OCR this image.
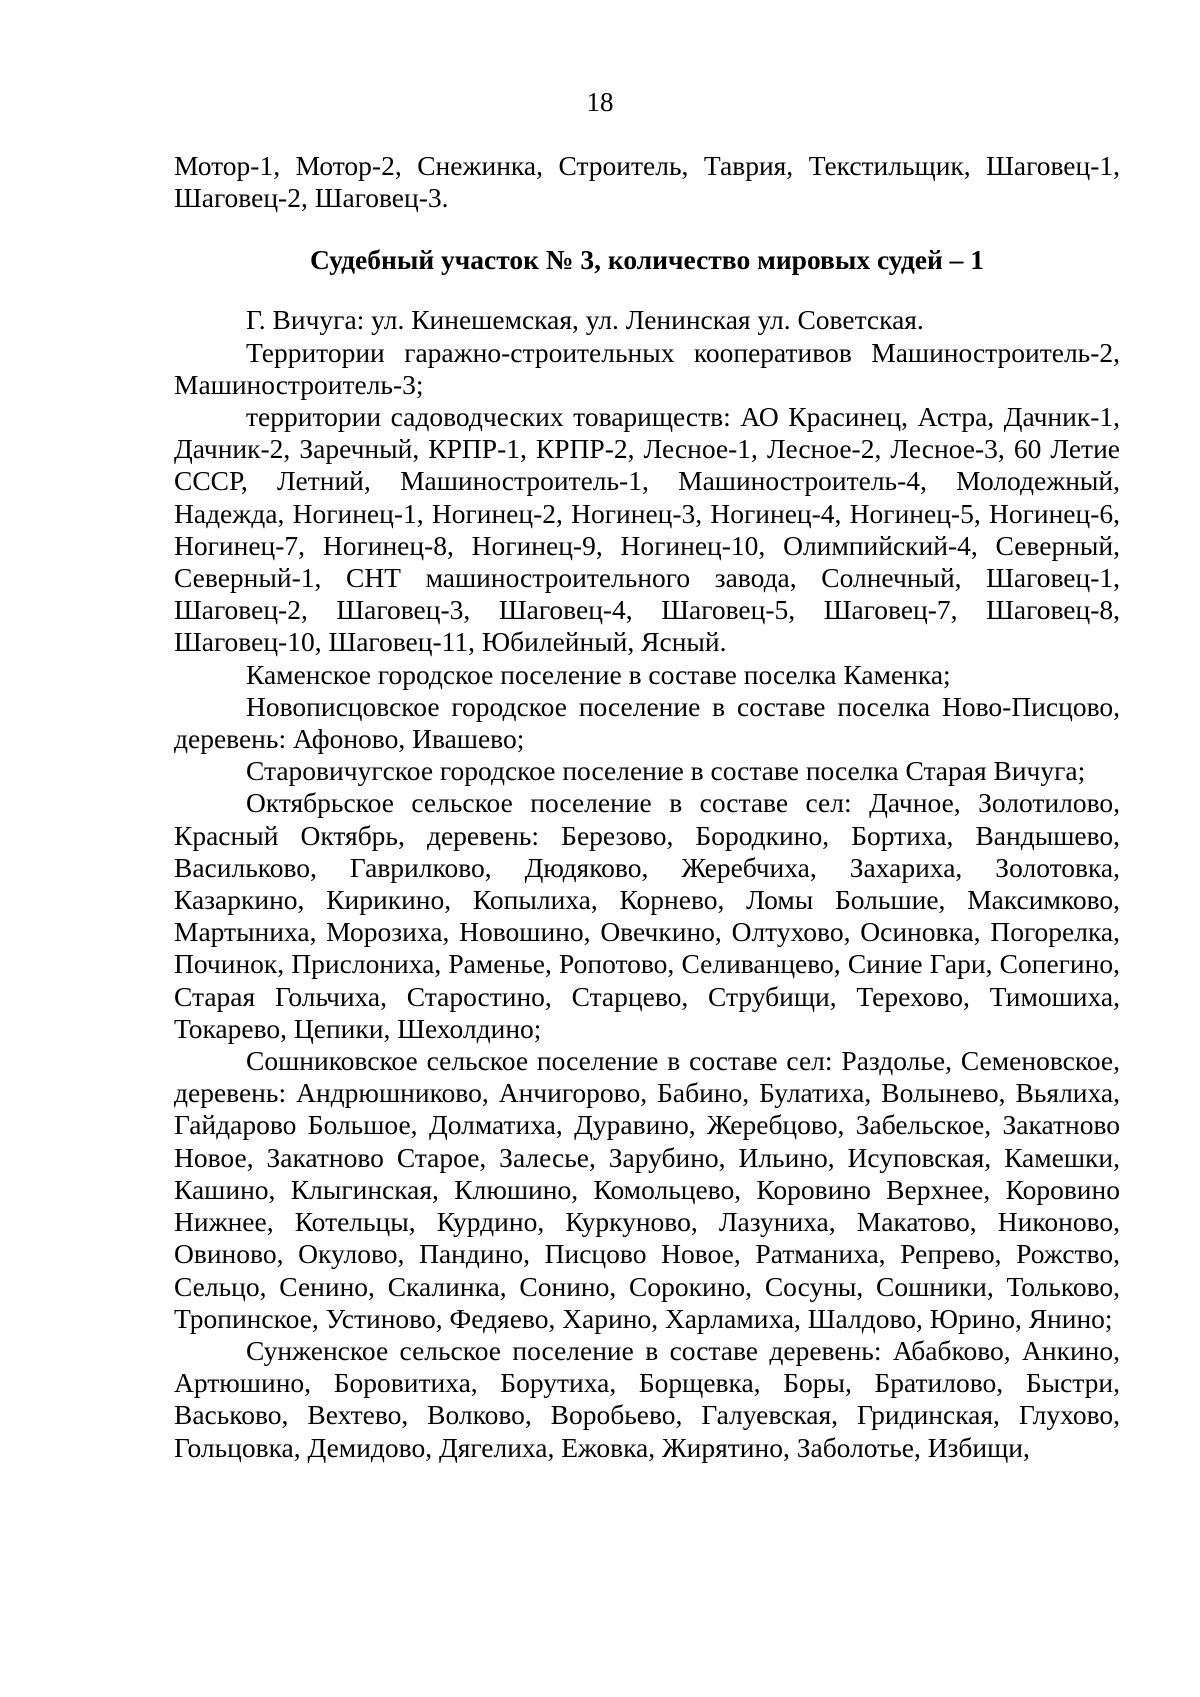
18

Мотор-1, Мотор-2, Снежинка, Строитель, Таврия, Текстильщик, Шаговец-1, Шаговец-2, Шаговец-3.

Судебный участок № 3, количество мировых судей – 1

Г. Вичуга: ул. Кинешемская, ул. Ленинская ул. Советская.

Территории гаражно-строительных кооперативов Машиностроитель-2, Машиностроитель-3;

территории садоводческих товариществ: АО Красинец, Астра, Дачник-1, Дачник-2, Заречный, КРПР-1, КРПР-2, Лесное-1, Лесное-2, Лесное-3, 60 Летие СССР, Летний, Машиностроитель-1, Машиностроитель-4, Молодежный, Надежда, Ногинец-1, Ногинец-2, Ногинец-3, Ногинец-4, Ногинец-5, Ногинец-6, Ногинец-7, Ногинец-8, Ногинец-9, Ногинец-10, Олимпийский-4, Северный, Северный-1, СНТ машиностроительного завода, Солнечный, Шаговец-1, Шаговец-2, Шаговец-3, Шаговец-4, Шаговец-5, Шаговец-7, Шаговец-8, Шаговец-10, Шаговец-11, Юбилейный, Ясный.

Каменское городское поселение в составе поселка Каменка;

Новописцовское городское поселение в составе поселка Ново-Писцово, деревень: Афоново, Ивашево;

Старовичугское городское поселение в составе поселка Старая Вичуга;

Октябрьское сельское поселение в составе сел: Дачное, Золотилово, Красный Октябрь, деревень: Березово, Бородкино, Бортиха, Вандышево, Васильково, Гаврилково, Дюдяково, Жеребчиха, Захариха, Золотовка, Казаркино, Кирикино, Копылиха, Корнево, Ломы Большие, Максимково, Мартыниха, Морозиха, Новошино, Овечкино, Олтухово, Осиновка, Погорелка, Починок, Прислониха, Раменье, Ропотово, Селиванцево, Синие Гари, Сопегино, Старая Гольчиха, Старостино, Старцево, Струбищи, Терехово, Тимошиха, Токарево, Цепики, Шехолдино;

Сошниковское сельское поселение в составе сел: Раздолье, Семеновское, деревень: Андрюшниково, Анчигорово, Бабино, Булатиха, Волынево, Вьялиха, Гайдарово Большое, Долматиха, Дуравино, Жеребцово, Забельское, Закатново Новое, Закатново Старое, Залесье, Зарубино, Ильино, Исуповская, Камешки, Кашино, Клыгинская, Клюшино, Комольцево, Коровино Верхнее, Коровино Нижнее, Котельцы, Курдино, Куркуново, Лазуниха, Макатово, Никоново, Овиново, Окулово, Пандино, Писцово Новое, Ратманиха, Репрево, Рожство, Сельцо, Сенино, Скалинка, Сонино, Сорокино, Сосуны, Сошники, Тольково, Тропинское, Устиново, Федяево, Харино, Харламиха, Шалдово, Юрино, Янино;

Сунженское сельское поселение в составе деревень: Абабково, Анкино, Артюшино, Боровитиха, Борутиха, Борщевка, Боры, Братилово, Быстри, Васьково, Вехтево, Волково, Воробьево, Галуевская, Гридинская, Глухово, Гольцовка, Демидово, Дягелиха, Ежовка, Жирятино, Заболотье, Избищи,
